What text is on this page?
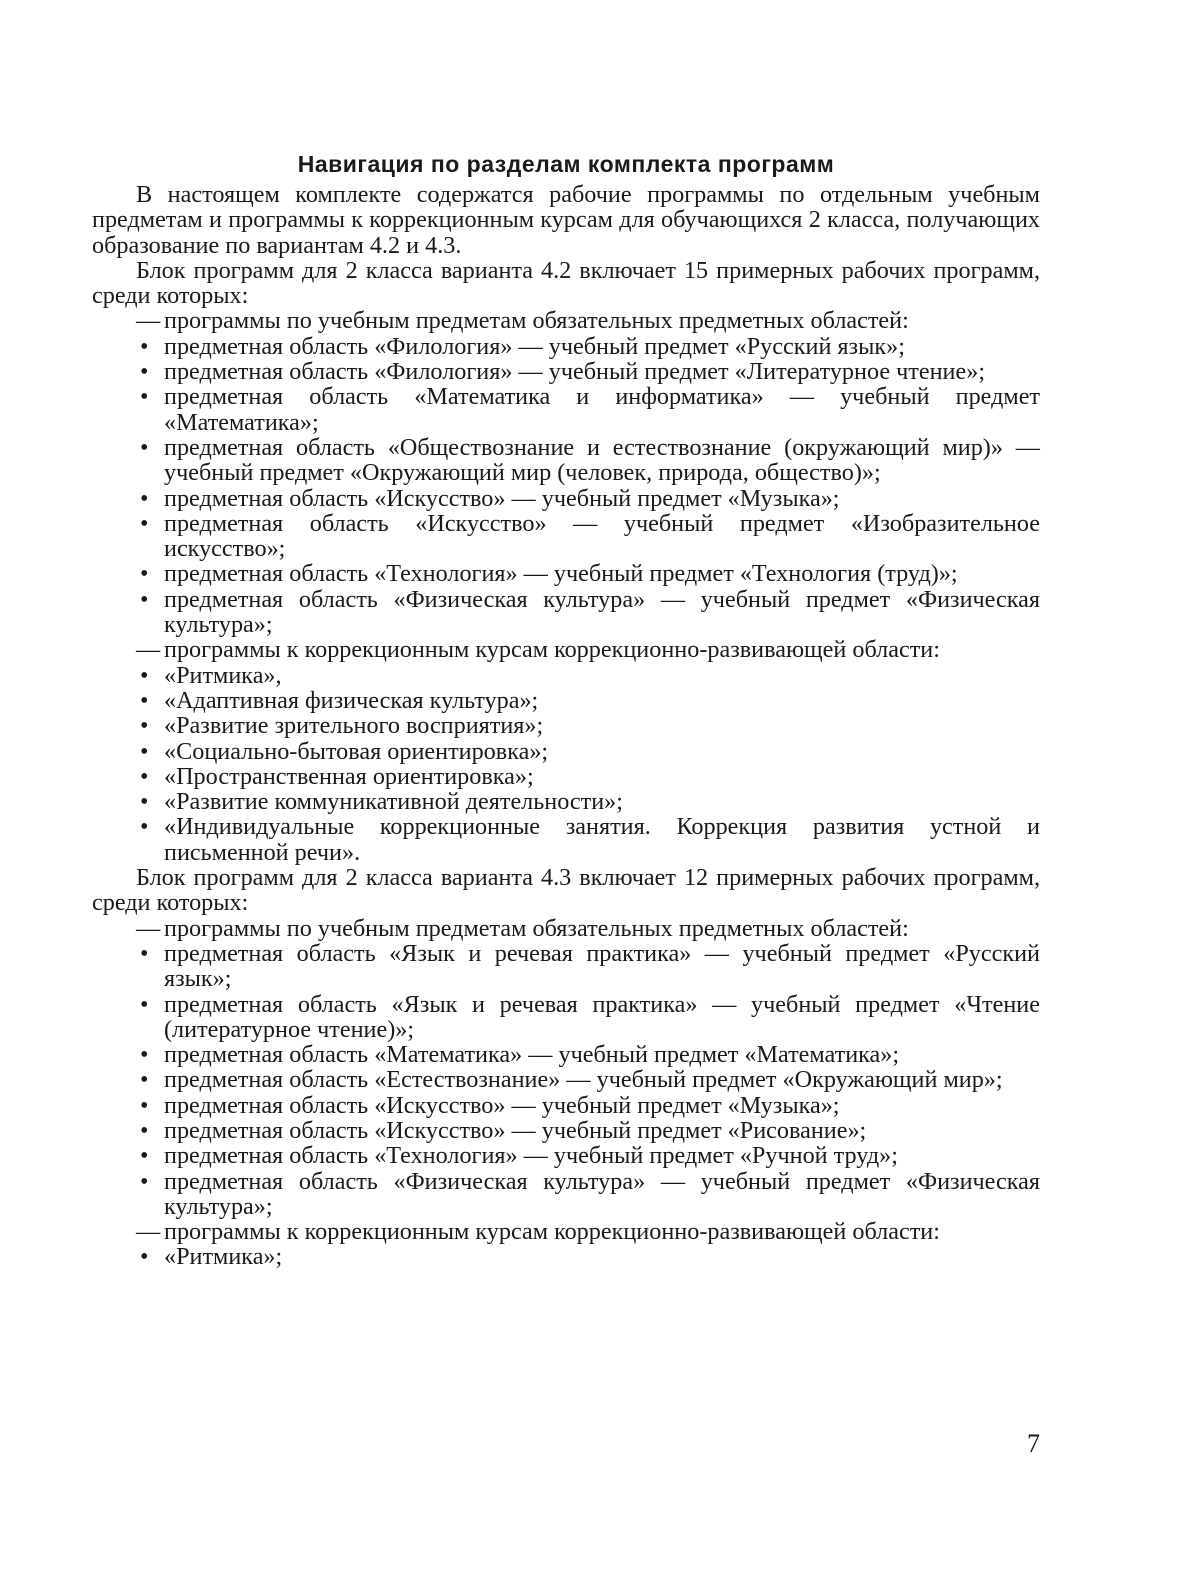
Навигация по разделам комплекта программ
В настоящем комплекте содержатся рабочие программы по отдельным учебным предметам и программы к коррекционным курсам для обучающихся 2 класса, получающих образование по вариантам 4.2 и 4.3.
Блок программ для 2 класса варианта 4.2 включает 15 примерных рабочих программ, среди которых:
— программы по учебным предметам обязательных предметных областей:
• предметная область «Филология» — учебный предмет «Русский язык»;
• предметная область «Филология» — учебный предмет «Литературное чтение»;
• предметная область «Математика и информатика» — учебный предмет «Математика»;
• предметная область «Обществознание и естествознание (окружающий мир)» — учебный предмет «Окружающий мир (человек, природа, общество)»;
• предметная область «Искусство» — учебный предмет «Музыка»;
• предметная область «Искусство» — учебный предмет «Изобразительное искусство»;
• предметная область «Технология» — учебный предмет «Технология (труд)»;
• предметная область «Физическая культура» — учебный предмет «Физическая культура»;
— программы к коррекционным курсам коррекционно-развивающей области:
• «Ритмика»,
• «Адаптивная физическая культура»;
• «Развитие зрительного восприятия»;
• «Социально-бытовая ориентировка»;
• «Пространственная ориентировка»;
• «Развитие коммуникативной деятельности»;
• «Индивидуальные коррекционные занятия. Коррекция развития устной и письменной речи».
Блок программ для 2 класса варианта 4.3 включает 12 примерных рабочих программ, среди которых:
— программы по учебным предметам обязательных предметных областей:
• предметная область «Язык и речевая практика» — учебный предмет «Русский язык»;
• предметная область «Язык и речевая практика» — учебный предмет «Чтение (литературное чтение)»;
• предметная область «Математика» — учебный предмет «Математика»;
• предметная область «Естествознание» — учебный предмет «Окружающий мир»;
• предметная область «Искусство» — учебный предмет «Музыка»;
• предметная область «Искусство» — учебный предмет «Рисование»;
• предметная область «Технология» — учебный предмет «Ручной труд»;
• предметная область «Физическая культура» — учебный предмет «Физическая культура»;
— программы к коррекционным курсам коррекционно-развивающей области:
• «Ритмика»;
7
